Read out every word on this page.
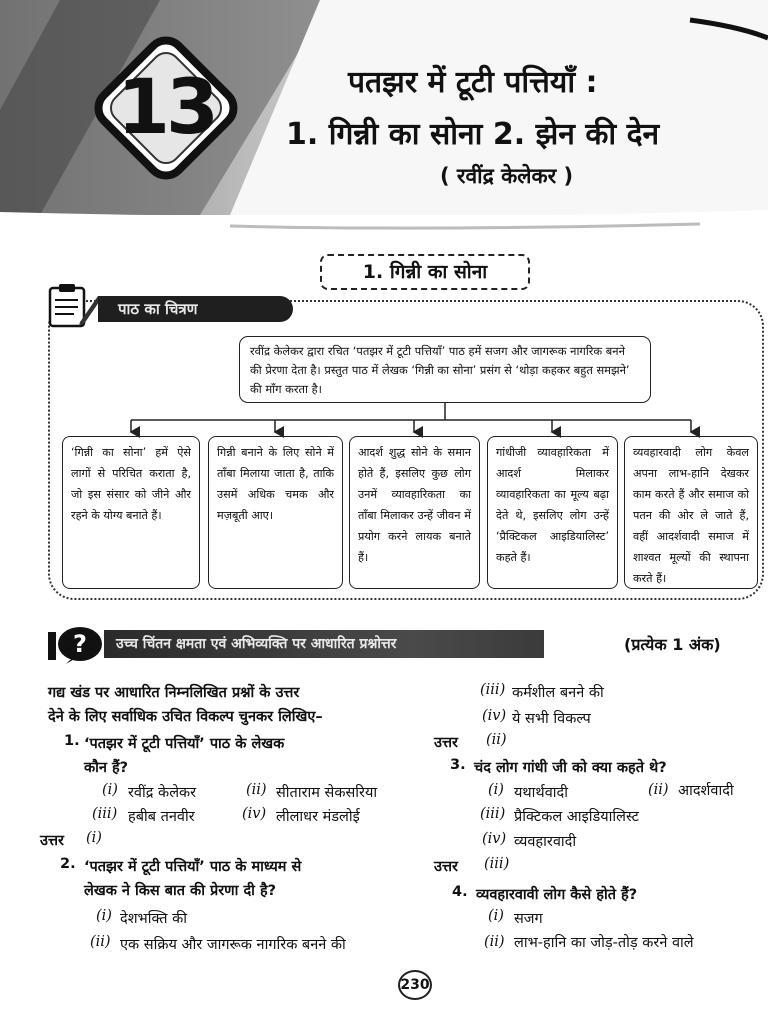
13	पतझर में टूटी पत्तियाँ :
1. गिन्नी का सोना 2. झेन की देन
( रवींद्र केलेकर )
1. गिन्नी का सोना
पाठ का चित्रण
रवींद्र केलेकर द्वारा रचित ‘पतझर में टूटी पत्तियाँ’ पाठ हमें सजग और जागरूक नागरिक बनने की प्रेरणा देता है। प्रस्तुत पाठ में लेखक ‘गिन्नी का सोना’ प्रसंग से ‘थोड़ा कहकर बहुत समझने’ की माँग करता है।
‘गिन्नी का सोना’ हमें ऐसे लागों से परिचित कराता है, जो इस संसार को जीने और रहने के योग्य बनाते हैं।
गिन्नी बनाने के लिए सोने में ताँबा मिलाया जाता है, ताकि उसमें अधिक चमक और मज़बूती आए।
आदर्श शुद्ध सोने के समान होते हैं, इसलिए कुछ लोग उनमें व्यावहारिकता का ताँबा मिलाकर उन्हें जीवन में प्रयोग करने लायक बनाते हैं।
गांधीजी व्यावहारिकता में आदर्श मिलाकर व्यावहारिकता का मूल्य बढ़ा देते थे, इसलिए लोग उन्हें ‘प्रैक्टिकल आइडियालिस्ट’ कहते हैं।
व्यवहारवादी लोग केवल अपना लाभ-हानि देखकर काम करते हैं और समाज को पतन की ओर ले जाते हैं, वहीं आदर्शवादी समाज में शाश्वत मूल्यों की स्थापना करते हैं।
?	उच्च चिंतन क्षमता एवं अभिव्यक्ति पर आधारित प्रश्नोत्तर	(प्रत्येक 1 अंक)
गद्य खंड पर आधारित निम्नलिखित प्रश्नों के उत्तर
देने के लिए सर्वाधिक उचित विकल्प चुनकर लिखिए–
1. ‘पतझर में टूटी पत्तियाँ’ पाठ के लेखक
कौन हैं?
(i) रवींद्र केलेकर	(ii) सीताराम सेकसरिया
(iii) हबीब तनवीर	(iv) लीलाधर मंडलोई
उत्तर (i)
2. ‘पतझर में टूटी पत्तियाँ’ पाठ के माध्यम से
लेखक ने किस बात की प्रेरणा दी है?
(i) देशभक्ति की
(ii) एक सक्रिय और जागरूक नागरिक बनने की
(iii) कर्मशील बनने की
(iv) ये सभी विकल्प
उत्तर (ii)
3. चंद लोग गांधी जी को क्या कहते थे?
(i) यथार्थवादी	(ii) आदर्शवादी
(iii) प्रैक्टिकल आइडियालिस्ट
(iv) व्यवहारवादी
उत्तर (iii)
4. व्यवहारवावी लोग कैसे होते हैं?
(i) सजग
(ii) लाभ-हानि का जोड़-तोड़ करने वाले
230
